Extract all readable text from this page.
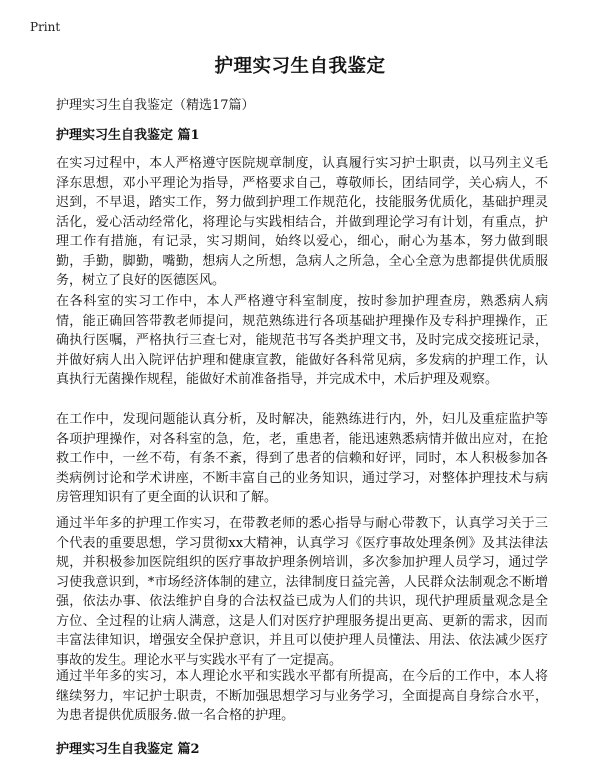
Print
护理实习生自我鉴定
护理实习生自我鉴定（精选17篇）
护理实习生自我鉴定 篇1
在实习过程中，本人严格遵守医院规章制度，认真履行实习护士职责，以马列主义毛泽东思想，邓小平理论为指导，严格要求自己，尊敬师长，团结同学，关心病人，不迟到，不早退，踏实工作，努力做到护理工作规范化，技能服务优质化，基础护理灵活化，爱心活动经常化，将理论与实践相结合，并做到理论学习有计划，有重点，护理工作有措施，有记录，实习期间，始终以爱心，细心，耐心为基本，努力做到眼勤，手勤，脚勤，嘴勤，想病人之所想，急病人之所急，全心全意为患都提供优质服务，树立了良好的医德医风。
在各科室的实习工作中，本人严格遵守科室制度，按时参加护理查房，熟悉病人病情，能正确回答带教老师提问，规范熟练进行各项基础护理操作及专科护理操作，正确执行医嘱，严格执行三查七对，能规范书写各类护理文书，及时完成交接班记录，并做好病人出入院评估护理和健康宣教，能做好各科常见病，多发病的护理工作，认真执行无菌操作规程，能做好术前准备指导，并完成术中，术后护理及观察。
在工作中，发现问题能认真分析，及时解决，能熟练进行内，外，妇儿及重症监护等各项护理操作，对各科室的急，危，老，重患者，能迅速熟悉病情并做出应对，在抢救工作中，一丝不苟，有条不紊，得到了患者的信赖和好评，同时，本人积极参加各类病例讨论和学术讲座，不断丰富自己的业务知识，通过学习，对整体护理技术与病房管理知识有了更全面的认识和了解。
通过半年多的护理工作实习，在带教老师的悉心指导与耐心带教下，认真学习关于三个代表的重要思想，学习贯彻xx大精神，认真学习《医疗事故处理条例》及其法律法规，并积极参加医院组织的医疗事故护理条例培训，多次参加护理人员学习，通过学习使我意识到，*市场经济体制的建立，法律制度日益完善，人民群众法制观念不断增强，依法办事、依法维护自身的合法权益已成为人们的共识，现代护理质量观念是全方位、全过程的让病人满意，这是人们对医疗护理服务提出更高、更新的需求，因而丰富法律知识，增强安全保护意识，并且可以使护理人员懂法、用法、依法减少医疗事故的发生。理论水平与实践水平有了一定提高。
通过半年多的实习，本人理论水平和实践水平都有所提高，在今后的工作中，本人将继续努力，牢记护士职责，不断加强思想学习与业务学习，全面提高自身综合水平，为患者提供优质服务.做一名合格的护理。
护理实习生自我鉴定 篇2
